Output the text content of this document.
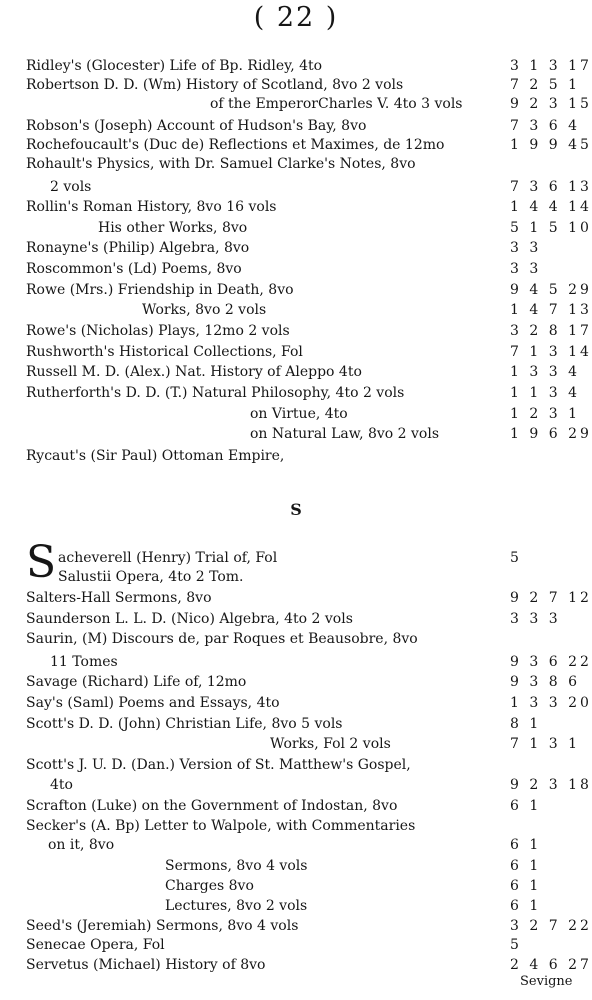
( 22 )
Ridley's (Glocester) Life of Bp. Ridley, 4to	3 1 3 17
Robertson D. D. (Wm) History of Scotland, 8vo 2 vols	7 2 5 1
of the EmperorCharles V. 4to 3 vols	9 2 3 15
Robson's (Joseph) Account of Hudson's Bay, 8vo	7 3 6 4
Rochefoucault's (Duc de) Reflections et Maximes, de 12mo	1 9 9 45
Rohault's Physics, with Dr. Samuel Clarke's Notes, 8vo
2 vols	7 3 6 13
Rollin's Roman History, 8vo 16 vols	1 4 4 14
His other Works, 8vo	5 1 5 10
Ronayne's (Philip) Algebra, 8vo	3 3
Roscommon's (Ld) Poems, 8vo	3 3
Rowe (Mrs.) Friendship in Death, 8vo	9 4 5 29
Works, 8vo 2 vols	1 4 7 13
Rowe's (Nicholas) Plays, 12mo 2 vols	3 2 8 17
Rushworth's Historical Collections, Fol	7 1 3 14
Russell M. D. (Alex.) Nat. History of Aleppo 4to	1 3 3 4
Rutherforth's D. D. (T.) Natural Philosophy, 4to 2 vols	1 1 3 4
on Virtue, 4to	1 2 3 1
on Natural Law, 8vo 2 vols	1 9 6 29
Rycaut's (Sir Paul) Ottoman Empire,
S
S acheverell (Henry) Trial of, Fol	5
Salustii Opera, 4to 2 Tom.
Salters-Hall Sermons, 8vo	9 2 7 12
Saunderson L. L. D. (Nico) Algebra, 4to 2 vols	3 3 3
Saurin, (M) Discours de, par Roques et Beausobre, 8vo
11 Tomes	9 3 6 22
Savage (Richard) Life of, 12mo	9 3 8 6
Say's (Saml) Poems and Essays, 4to	1 3 3 20
Scott's D. D. (John) Christian Life, 8vo 5 vols	8 1
Works, Fol 2 vols	7 1 3 1
Scott's J. U. D. (Dan.) Version of St. Matthew's Gospel,
4to	9 2 3 18
Scrafton (Luke) on the Government of Indostan, 8vo	6 1
Secker's (A. Bp) Letter to Walpole, with Commentaries
on it, 8vo	6 1
Sermons, 8vo 4 vols	6 1
Charges 8vo	6 1
Lectures, 8vo 2 vols	6 1
Seed's (Jeremiah) Sermons, 8vo 4 vols	3 2 7 22
Senecae Opera, Fol	5
Servetus (Michael) History of 8vo	2 4 6 27
Sevigne
